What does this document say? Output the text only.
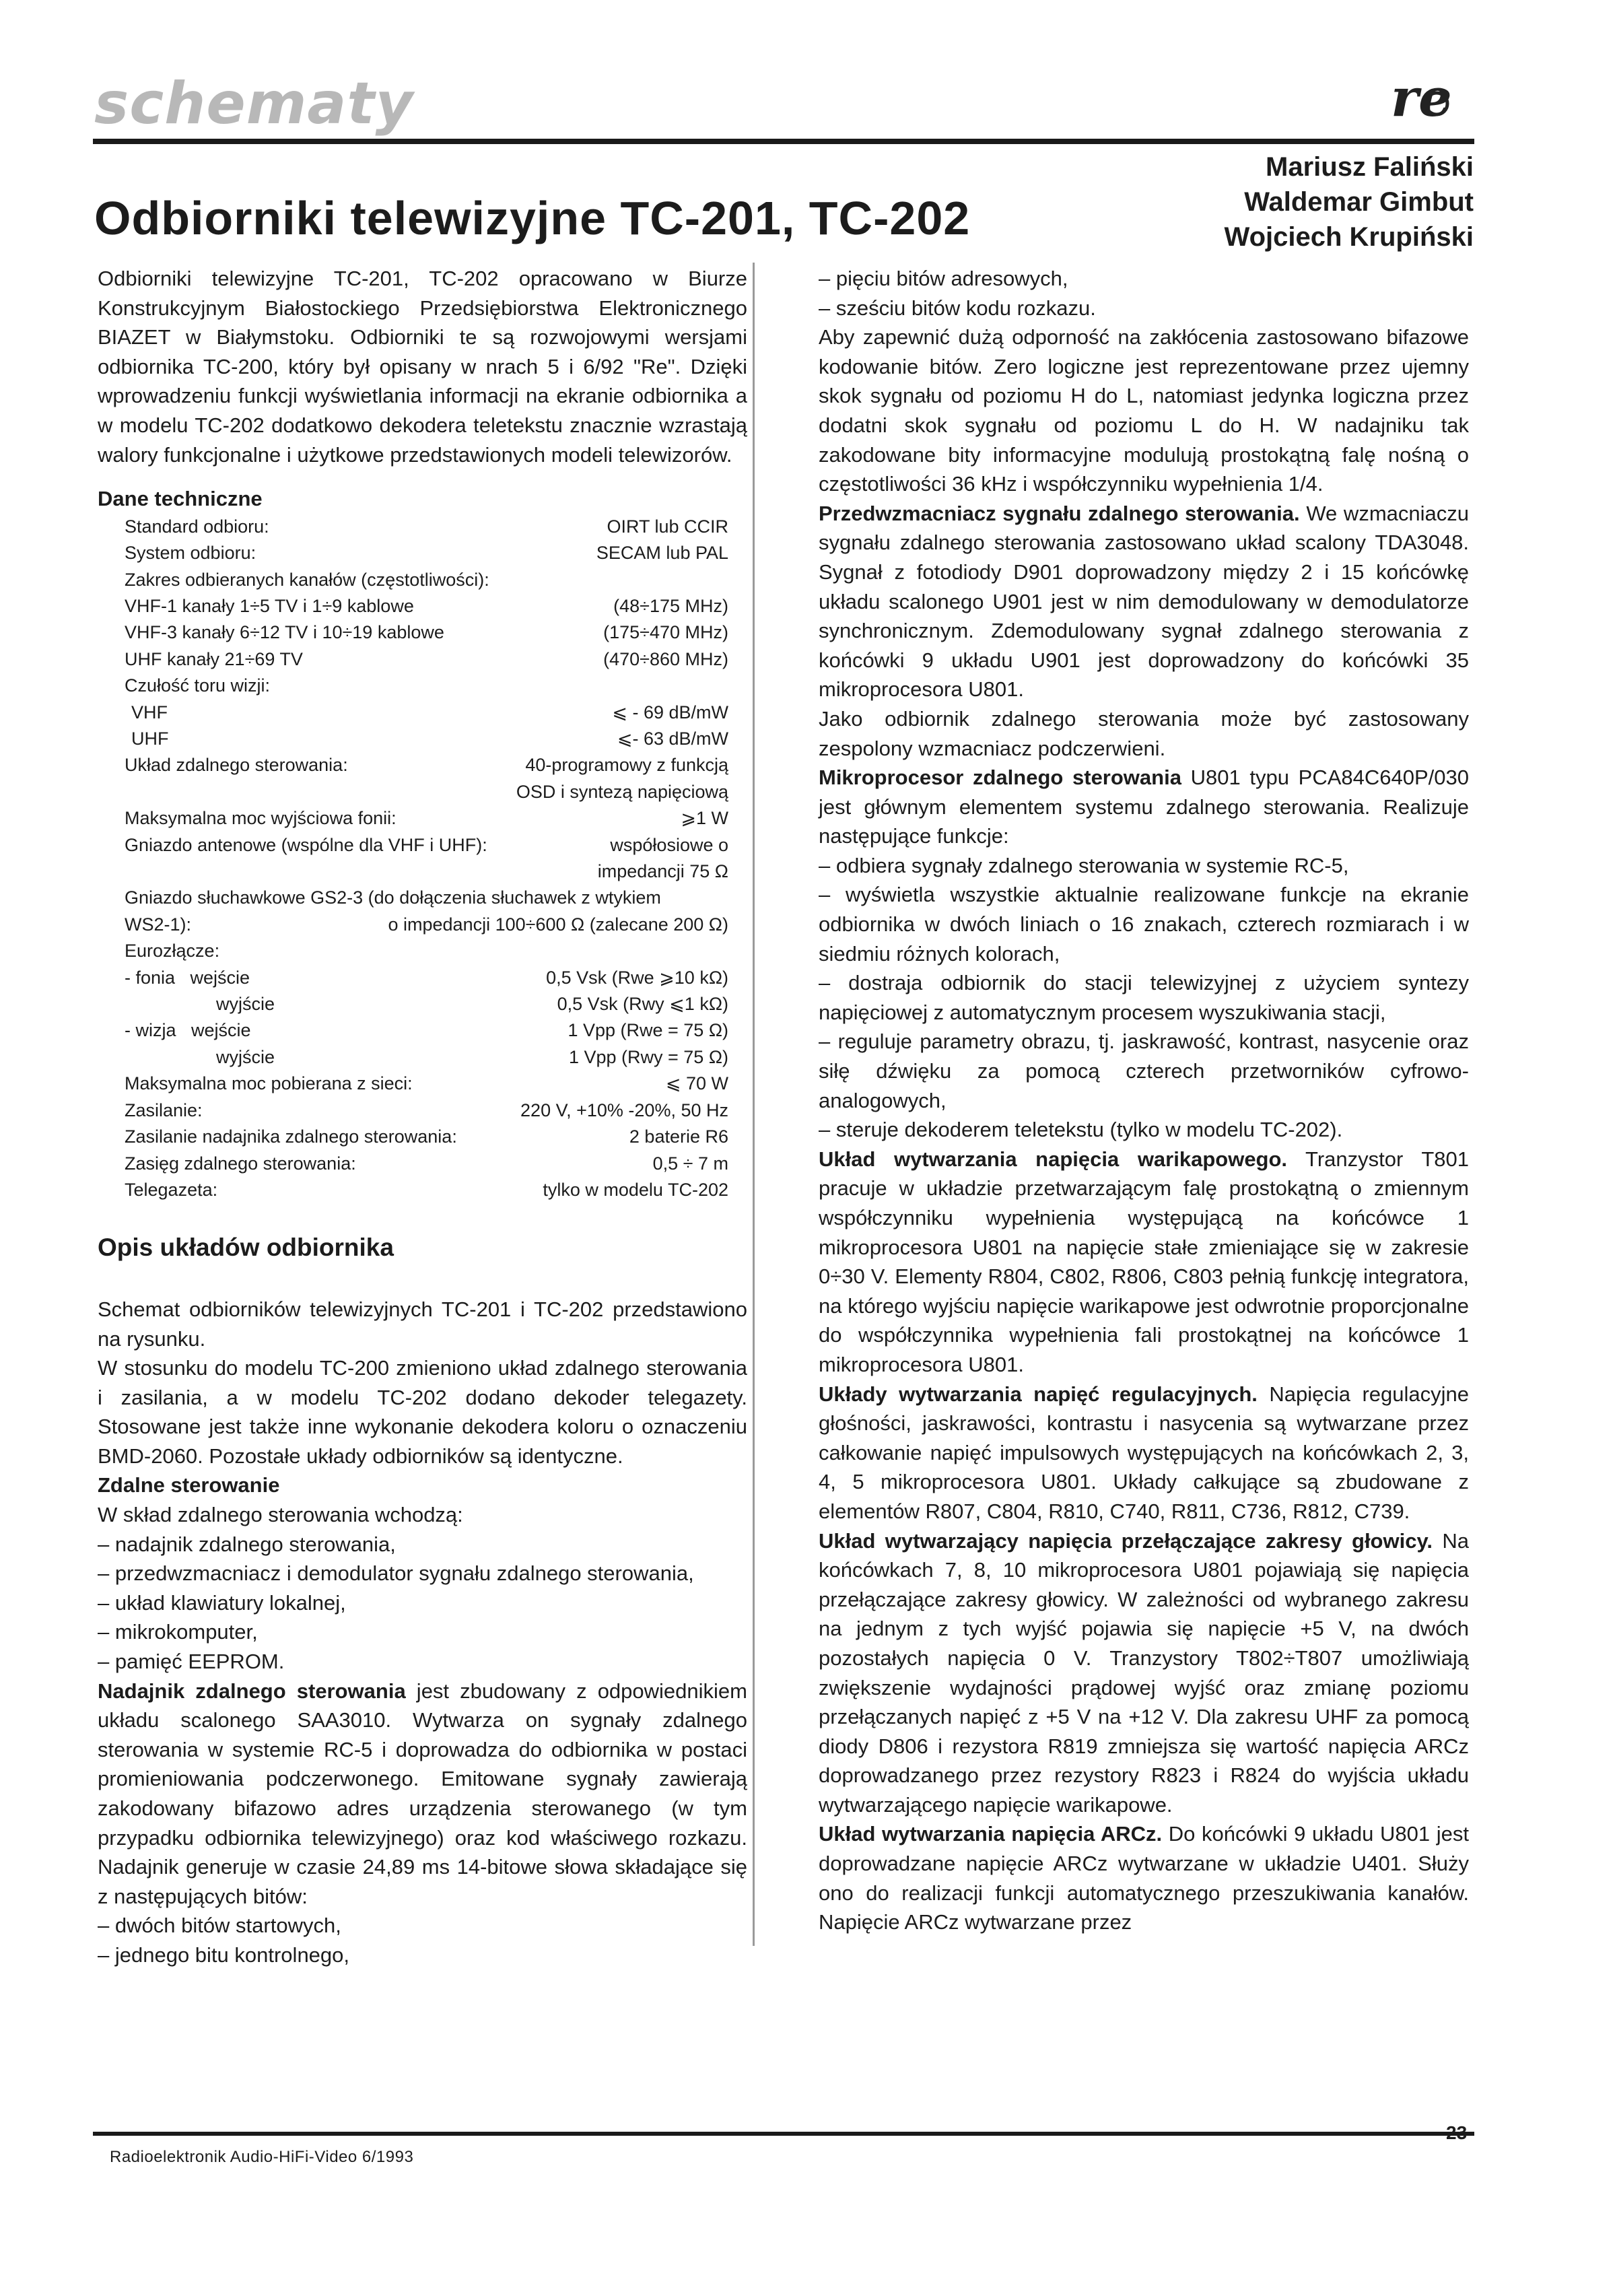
schematy	re
Mariusz Faliński
Waldemar Gimbut
Wojciech Krupiński
Odbiorniki telewizyjne TC-201, TC-202

Odbiorniki telewizyjne TC-201, TC-202 opracowano w Biurze Konstrukcyjnym Białostockiego Przedsiębiorstwa Elektronicznego BIAZET w Białymstoku. Odbiorniki te są rozwojowymi wersjami odbiornika TC-200, który był opisany w nrach 5 i 6/92 "Re". Dzięki wprowadzeniu funkcji wyświetlania informacji na ekranie odbiornika a w modelu TC-202 dodatkowo dekodera teletekstu znacznie wzrastają walory funkcjonalne i użytkowe przedstawionych modeli telewizorów.

Dane techniczne
Standard odbioru:	OIRT lub CCIR
System odbioru:	SECAM lub PAL
Zakres odbieranych kanałów (częstotliwości):
VHF-1 kanały 1÷5 TV i 1÷9 kablowe	(48÷175 MHz)
VHF-3 kanały 6÷12 TV i 10÷19 kablowe	(175÷470 MHz)
UHF kanały 21÷69 TV	(470÷860 MHz)
Czułość toru wizji:
VHF	⩽ - 69 dB/mW
UHF	⩽- 63 dB/mW
Układ zdalnego sterowania:	40-programowy z funkcją
OSD i syntezą napięciową
Maksymalna moc wyjściowa fonii:	⩾1 W
Gniazdo antenowe (wspólne dla VHF i UHF):	współosiowe o
impedancji 75 Ω
Gniazdo słuchawkowe GS2-3 (do dołączenia słuchawek z wtykiem
WS2-1):	o impedancji 100÷600 Ω (zalecane 200 Ω)
Eurozłącze:
- fonia   wejście	0,5 Vsk (Rwe ⩾10 kΩ)
wyjście	0,5 Vsk (Rwy ⩽1 kΩ)
- wizja   wejście	1 Vpp (Rwe = 75 Ω)
wyjście	1 Vpp (Rwy = 75 Ω)
Maksymalna moc pobierana z sieci:	⩽ 70 W
Zasilanie:	220 V, +10% -20%, 50 Hz
Zasilanie nadajnika zdalnego sterowania:	2 baterie R6
Zasięg zdalnego sterowania:	0,5 ÷ 7 m
Telegazeta:	tylko w modelu TC-202
Opis układów odbiornika

Schemat odbiorników telewizyjnych TC-201 i TC-202 przedstawiono na rysunku.

W stosunku do modelu TC-200 zmieniono układ zdalnego sterowania i zasilania, a w modelu TC-202 dodano dekoder telegazety. Stosowane jest także inne wykonanie dekodera koloru o oznaczeniu BMD-2060. Pozostałe układy odbiorników są identyczne.

Zdalne sterowanie
W skład zdalnego sterowania wchodzą:
– nadajnik zdalnego sterowania,
– przedwzmacniacz i demodulator sygnału zdalnego sterowania,
– układ klawiatury lokalnej,
– mikrokomputer,
– pamięć EEPROM.

Nadajnik zdalnego sterowania jest zbudowany z odpowiednikiem układu scalonego SAA3010. Wytwarza on sygnały zdalnego sterowania w systemie RC-5 i doprowadza do odbiornika w postaci promieniowania podczerwonego. Emitowane sygnały zawierają zakodowany bifazowo adres urządzenia sterowanego (w tym przypadku odbiornika telewizyjnego) oraz kod właściwego rozkazu. Nadajnik generuje w czasie 24,89 ms 14-bitowe słowa składające się z następujących bitów:

– dwóch bitów startowych,
– jednego bitu kontrolnego,
– pięciu bitów adresowych,
– sześciu bitów kodu rozkazu.

Aby zapewnić dużą odporność na zakłócenia zastosowano bifazowe kodowanie bitów. Zero logiczne jest reprezentowane przez ujemny skok sygnału od poziomu H do L, natomiast jedynka logiczna przez dodatni skok sygnału od poziomu L do H. W nadajniku tak zakodowane bity informacyjne modulują prostokątną falę nośną o częstotliwości 36 kHz i współczynniku wypełnienia 1/4.

Przedwzmacniacz sygnału zdalnego sterowania. We wzmacniaczu sygnału zdalnego sterowania zastosowano układ scalony TDA3048. Sygnał z fotodiody D901 doprowadzony między 2 i 15 końcówkę układu scalonego U901 jest w nim demodulowany w demodulatorze synchronicznym. Zdemodulowany sygnał zdalnego sterowania z końcówki 9 układu U901 jest doprowadzony do końcówki 35 mikroprocesora U801.

Jako odbiornik zdalnego sterowania może być zastosowany zespolony wzmacniacz podczerwieni.

Mikroprocesor zdalnego sterowania U801 typu PCA84C640P/030 jest głównym elementem systemu zdalnego sterowania. Realizuje następujące funkcje:

– odbiera sygnały zdalnego sterowania w systemie RC-5,

– wyświetla wszystkie aktualnie realizowane funkcje na ekranie odbiornika w dwóch liniach o 16 znakach, czterech rozmiarach i w siedmiu różnych kolorach,

– dostraja odbiornik do stacji telewizyjnej z użyciem syntezy napięciowej z automatycznym procesem wyszukiwania stacji,

– reguluje parametry obrazu, tj. jaskrawość, kontrast, nasycenie oraz siłę dźwięku za pomocą czterech przetworników cyfrowo-analogowych,

– steruje dekoderem teletekstu (tylko w modelu TC-202).

Układ wytwarzania napięcia warikapowego. Tranzystor T801 pracuje w układzie przetwarzającym falę prostokątną o zmiennym współczynniku wypełnienia występującą na końcówce 1 mikroprocesora U801 na napięcie stałe zmieniające się w zakresie 0÷30 V. Elementy R804, C802, R806, C803 pełnią funkcję integratora, na którego wyjściu napięcie warikapowe jest odwrotnie proporcjonalne do współczynnika wypełnienia fali prostokątnej na końcówce 1 mikroprocesora U801.

Układy wytwarzania napięć regulacyjnych. Napięcia regulacyjne głośności, jaskrawości, kontrastu i nasycenia są wytwarzane przez całkowanie napięć impulsowych występujących na końcówkach 2, 3, 4, 5 mikroprocesora U801. Układy całkujące są zbudowane z elementów R807, C804, R810, C740, R811, C736, R812, C739.

Układ wytwarzający napięcia przełączające zakresy głowicy. Na końcówkach 7, 8, 10 mikroprocesora U801 pojawiają się napięcia przełączające zakresy głowicy. W zależności od wybranego zakresu na jednym z tych wyjść pojawia się napięcie +5 V, na dwóch pozostałych napięcia 0 V. Tranzystory T802÷T807 umożliwiają zwiększenie wydajności prądowej wyjść oraz zmianę poziomu przełączanych napięć z +5 V na +12 V. Dla zakresu UHF za pomocą diody D806 i rezystora R819 zmniejsza się wartość napięcia ARCz doprowadzanego przez rezystory R823 i R824 do wyjścia układu wytwarzającego napięcie warikapowe.

Układ wytwarzania napięcia ARCz. Do końcówki 9 układu U801 jest doprowadzane napięcie ARCz wytwarzane w układzie U401. Służy ono do realizacji funkcji automatycznego przeszukiwania kanałów. Napięcie ARCz wytwarzane przez

Radioelektronik Audio-HiFi-Video 6/1993
23
